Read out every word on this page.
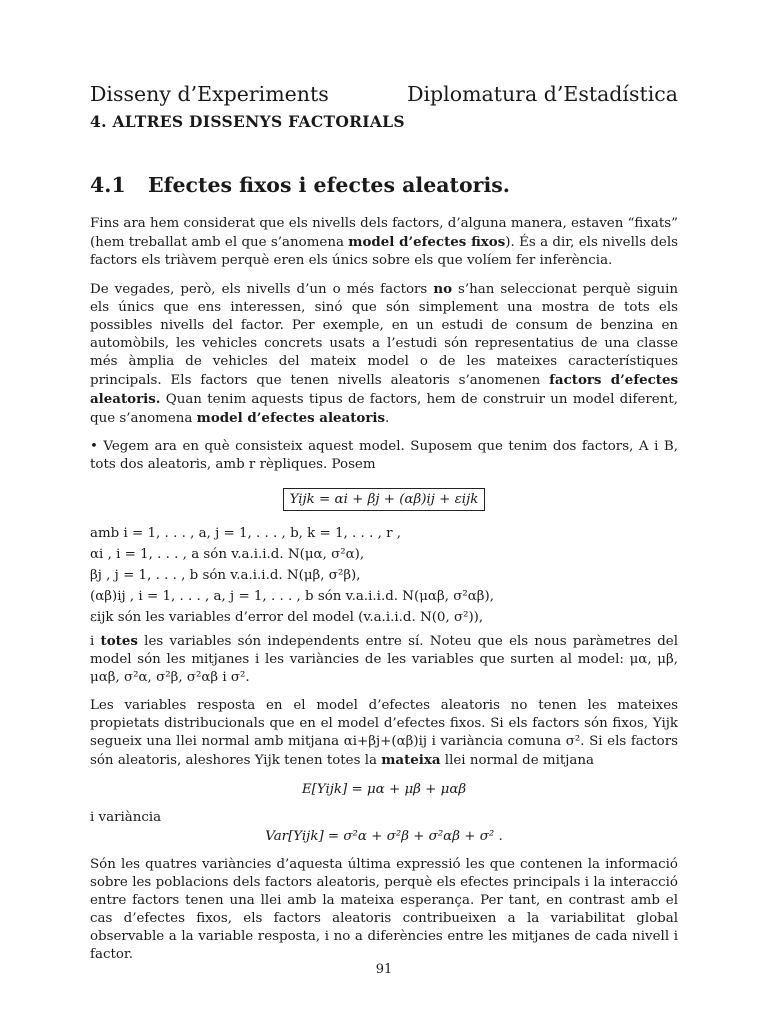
Disseny d’Experiments	Diplomatura d’Estadística
4. ALTRES DISSENYS FACTORIALS
4.1 Efectes fixos i efectes aleatoris.

Fins ara hem considerat que els nivells dels factors, d’alguna manera, estaven “fixats” (hem treballat amb el que s’anomena model d’efectes fixos). És a dir, els nivells dels factors els triàvem perquè eren els únics sobre els que volíem fer inferència.

De vegades, però, els nivells d’un o més factors no s’han seleccionat perquè siguin els únics que ens interessen, sinó que són simplement una mostra de tots els possibles nivells del factor. Per exemple, en un estudi de consum de benzina en automòbils, les vehicles concrets usats a l’estudi són representatius de una classe més àmplia de vehicles del mateix model o de les mateixes característiques principals. Els factors que tenen nivells aleatoris s’anomenen factors d’efectes aleatoris. Quan tenim aquests tipus de factors, hem de construir un model diferent, que s’anomena model d’efectes aleatoris.

• Vegem ara en què consisteix aquest model. Suposem que tenim dos factors, A i B, tots dos aleatoris, amb r rèpliques. Posem

Yijk = αi + βj + (αβ)ij + εijk
amb i = 1, . . . , a, j = 1, . . . , b, k = 1, . . . , r ,
αi , i = 1, . . . , a són v.a.i.i.d. N(μα, σ²α),
βj , j = 1, . . . , b són v.a.i.i.d. N(μβ, σ²β),
(αβ)ij , i = 1, . . . , a, j = 1, . . . , b són v.a.i.i.d. N(μαβ, σ²αβ),
εijk són les variables d’error del model (v.a.i.i.d. N(0, σ²)),

i totes les variables són independents entre sí. Noteu que els nous paràmetres del model són les mitjanes i les variàncies de les variables que surten al model: μα, μβ, μαβ, σ²α, σ²β, σ²αβ i σ².

Les variables resposta en el model d’efectes aleatoris no tenen les mateixes propietats distribucionals que en el model d’efectes fixos. Si els factors són fixos, Yijk segueix una llei normal amb mitjana αi+βj+(αβ)ij i variància comuna σ². Si els factors són aleatoris, aleshores Yijk tenen totes la mateixa llei normal de mitjana

E[Yijk] = μα + μβ + μαβ

i variància

Var[Yijk] = σ²α + σ²β + σ²αβ + σ² .

Són les quatres variàncies d’aquesta última expressió les que contenen la informació sobre les poblacions dels factors aleatoris, perquè els efectes principals i la interacció entre factors tenen una llei amb la mateixa esperança. Per tant, en contrast amb el cas d’efectes fixos, els factors aleatoris contribueixen a la variabilitat global observable a la variable resposta, i no a diferències entre les mitjanes de cada nivell i factor.

91
